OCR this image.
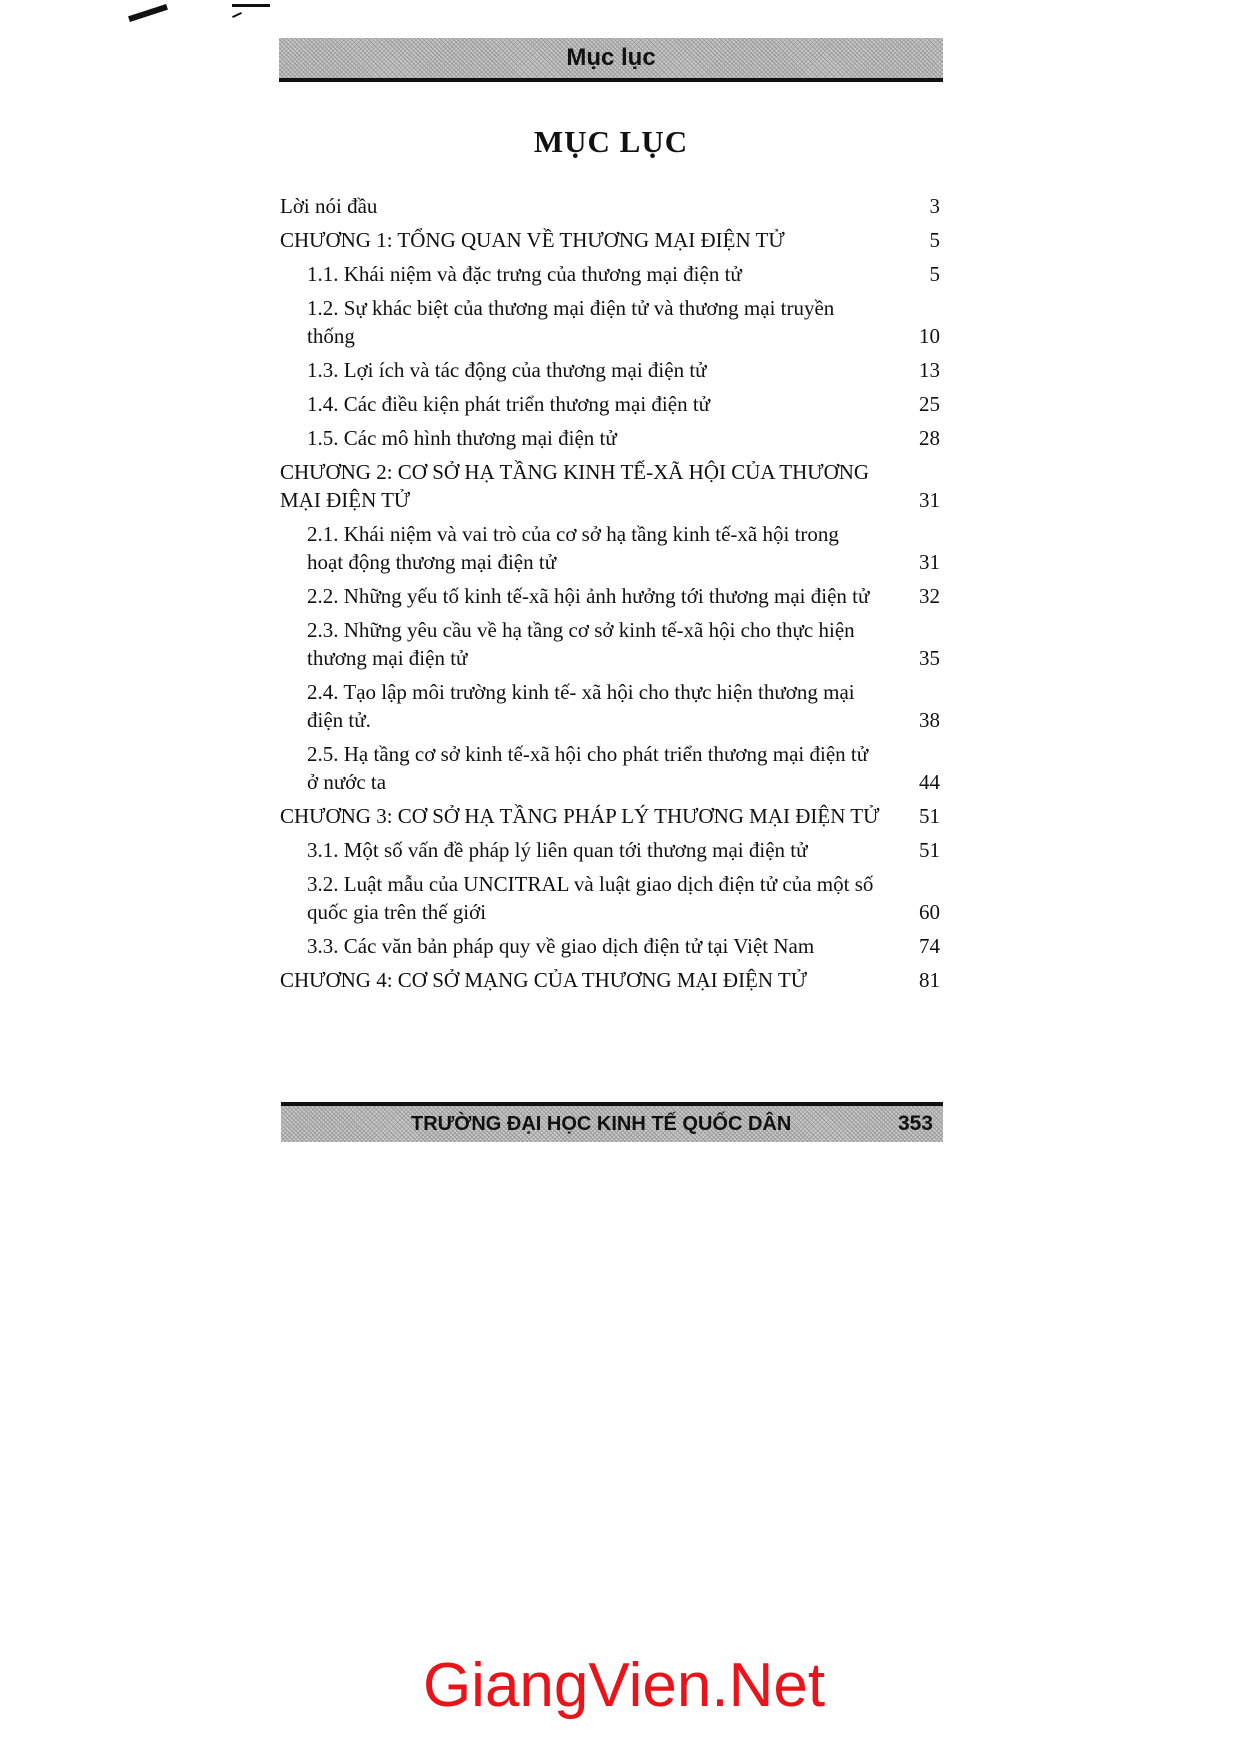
Mục lục
MỤC LỤC
Lời nói đầu	3
CHƯƠNG 1: TỔNG QUAN VỀ THƯƠNG MẠI ĐIỆN TỬ	5
1.1. Khái niệm và đặc trưng của thương mại điện tử	5
1.2. Sự khác biệt của thương mại điện tử và thương mại truyền thống	10
1.3. Lợi ích và tác động của thương mại điện tử	13
1.4. Các điều kiện phát triển thương mại điện tử	25
1.5. Các mô hình thương mại điện tử	28
CHƯƠNG 2: CƠ SỞ HẠ TẦNG KINH TẾ-XÃ HỘI CỦA THƯƠNG MẠI ĐIỆN TỬ	31
2.1. Khái niệm và vai trò của cơ sở hạ tầng kinh tế-xã hội trong hoạt động thương mại điện tử	31
2.2. Những yếu tố kinh tế-xã hội ảnh hưởng tới thương mại điện tử	32
2.3. Những yêu cầu về hạ tầng cơ sở kinh tế-xã hội cho thực hiện thương mại điện tử	35
2.4. Tạo lập môi trường kinh tế- xã hội cho thực hiện thương mại điện tử.	38
2.5. Hạ tầng cơ sở kinh tế-xã hội cho phát triển thương mại điện tử ở nước ta	44
CHƯƠNG 3: CƠ SỞ HẠ TẦNG PHÁP LÝ THƯƠNG MẠI ĐIỆN TỬ 51
3.1. Một số vấn đề pháp lý liên quan tới thương mại điện tử	51
3.2. Luật mẫu của UNCITRAL và luật giao dịch điện tử của một số quốc gia trên thế giới	60
3.3. Các văn bản pháp quy về giao dịch điện tử tại Việt Nam	74
CHƯƠNG 4: CƠ SỞ MẠNG CỦA THƯƠNG MẠI ĐIỆN TỬ	81
TRƯỜNG ĐẠI HỌC KINH TẾ QUỐC DÂN	353
GiangVien.Net
